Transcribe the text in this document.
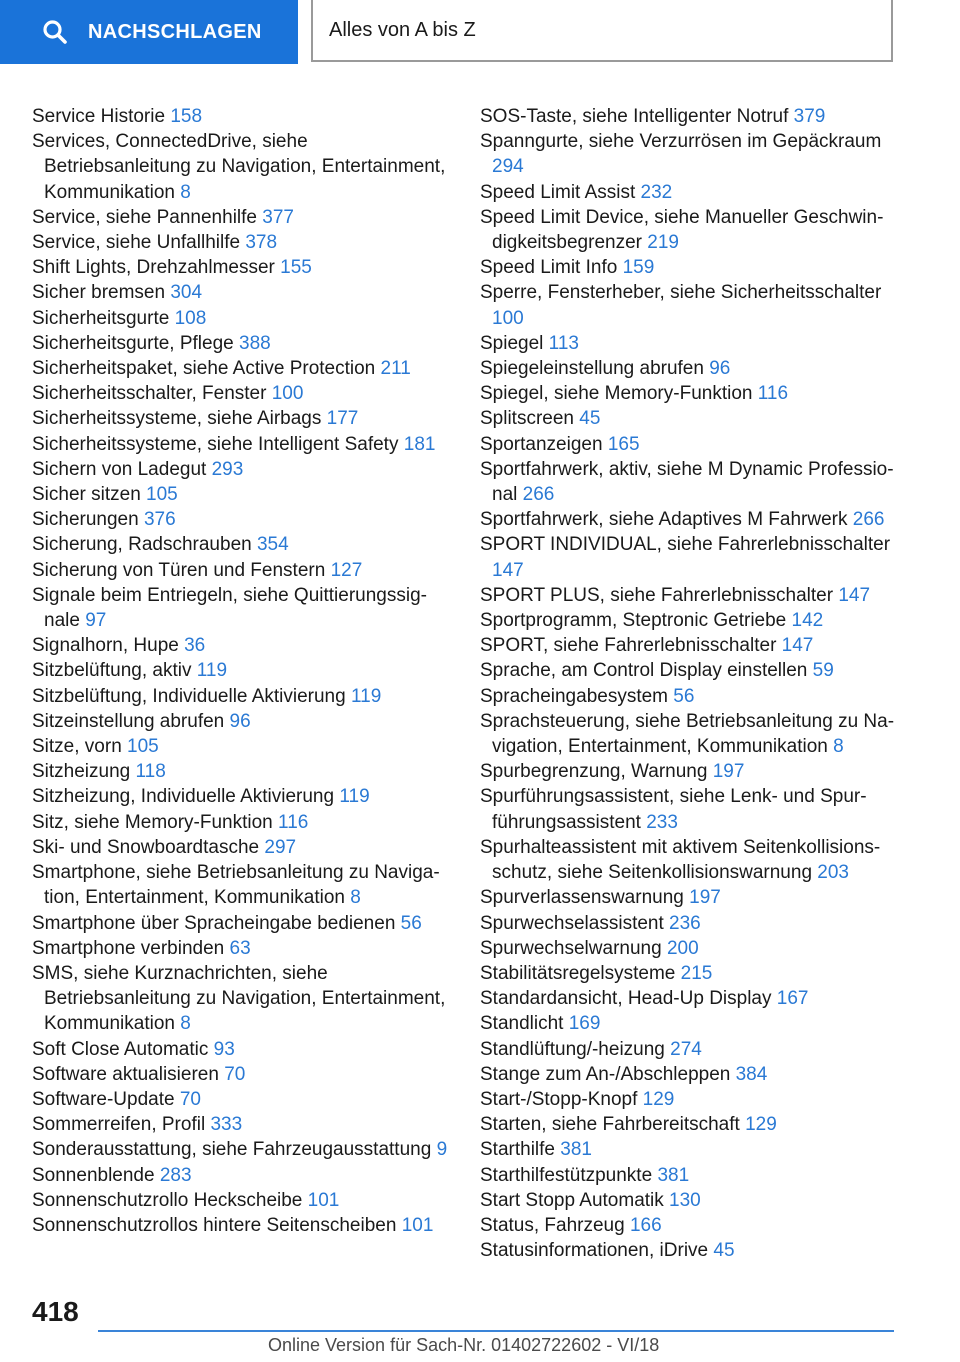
NACHSCHLAGEN	Alles von A bis Z

Service Historie 158

Services, ConnectedDrive, siehe Betriebsanleitung zu Navigation, Entertainment, Kommunikation 8

Service, siehe Pannenhilfe 377

Service, siehe Unfallhilfe 378

Shift Lights, Drehzahlmesser 155

Sicher bremsen 304

Sicherheitsgurte 108

Sicherheitsgurte, Pflege 388

Sicherheitspaket, siehe Active Protection 211

Sicherheitsschalter, Fenster 100

Sicherheitssysteme, siehe Airbags 177

Sicherheitssysteme, siehe Intelligent Safety 181

Sichern von Ladegut 293

Sicher sitzen 105

Sicherungen 376

Sicherung, Radschrauben 354

Sicherung von Türen und Fenstern 127

Signale beim Entriegeln, siehe Quittierungssignale 97

Signalhorn, Hupe 36

Sitzbelüftung, aktiv 119

Sitzbelüftung, Individuelle Aktivierung 119

Sitzeinstellung abrufen 96

Sitze, vorn 105

Sitzheizung 118

Sitzheizung, Individuelle Aktivierung 119

Sitz, siehe Memory-Funktion 116

Ski- und Snowboardtasche 297

Smartphone, siehe Betriebsanleitung zu Navigation, Entertainment, Kommunikation 8

Smartphone über Spracheingabe bedienen 56

Smartphone verbinden 63

SMS, siehe Kurznachrichten, siehe Betriebsanleitung zu Navigation, Entertainment, Kommunikation 8

Soft Close Automatic 93

Software aktualisieren 70

Software-Update 70

Sommerreifen, Profil 333

Sonderausstattung, siehe Fahrzeugausstattung 9

Sonnenblende 283

Sonnenschutzrollo Heckscheibe 101

Sonnenschutzrollos hintere Seitenscheiben 101

SOS-Taste, siehe Intelligenter Notruf 379

Spanngurte, siehe Verzurrösen im Gepäckraum 294

Speed Limit Assist 232

Speed Limit Device, siehe Manueller Geschwindigkeitsbegrenzer 219

Speed Limit Info 159

Sperre, Fensterheber, siehe Sicherheitsschalter 100

Spiegel 113

Spiegeleinstellung abrufen 96

Spiegel, siehe Memory-Funktion 116

Splitscreen 45

Sportanzeigen 165

Sportfahrwerk, aktiv, siehe M Dynamic Professional 266

Sportfahrwerk, siehe Adaptives M Fahrwerk 266

SPORT INDIVIDUAL, siehe Fahrerlebnisschalter 147

SPORT PLUS, siehe Fahrerlebnisschalter 147

Sportprogramm, Steptronic Getriebe 142

SPORT, siehe Fahrerlebnisschalter 147

Sprache, am Control Display einstellen 59

Spracheingabesystem 56

Sprachsteuerung, siehe Betriebsanleitung zu Navigation, Entertainment, Kommunikation 8

Spurbegrenzung, Warnung 197

Spurführungsassistent, siehe Lenk- und Spurführungsassistent 233

Spurhalteassistent mit aktivem Seitenkollisionsschutz, siehe Seitenkollisionswarnung 203

Spurverlassenswarnung 197

Spurwechselassistent 236

Spurwechselwarnung 200

Stabilitätsregelsysteme 215

Standardansicht, Head-Up Display 167

Standlicht 169

Standlüftung/-heizung 274

Stange zum An-/Abschleppen 384

Start-/Stopp-Knopf 129

Starten, siehe Fahrbereitschaft 129

Starthilfe 381

Starthilfestützpunkte 381

Start Stopp Automatik 130

Status, Fahrzeug 166

Statusinformationen, iDrive 45

418
Online Version für Sach-Nr. 01402722602 - VI/18
